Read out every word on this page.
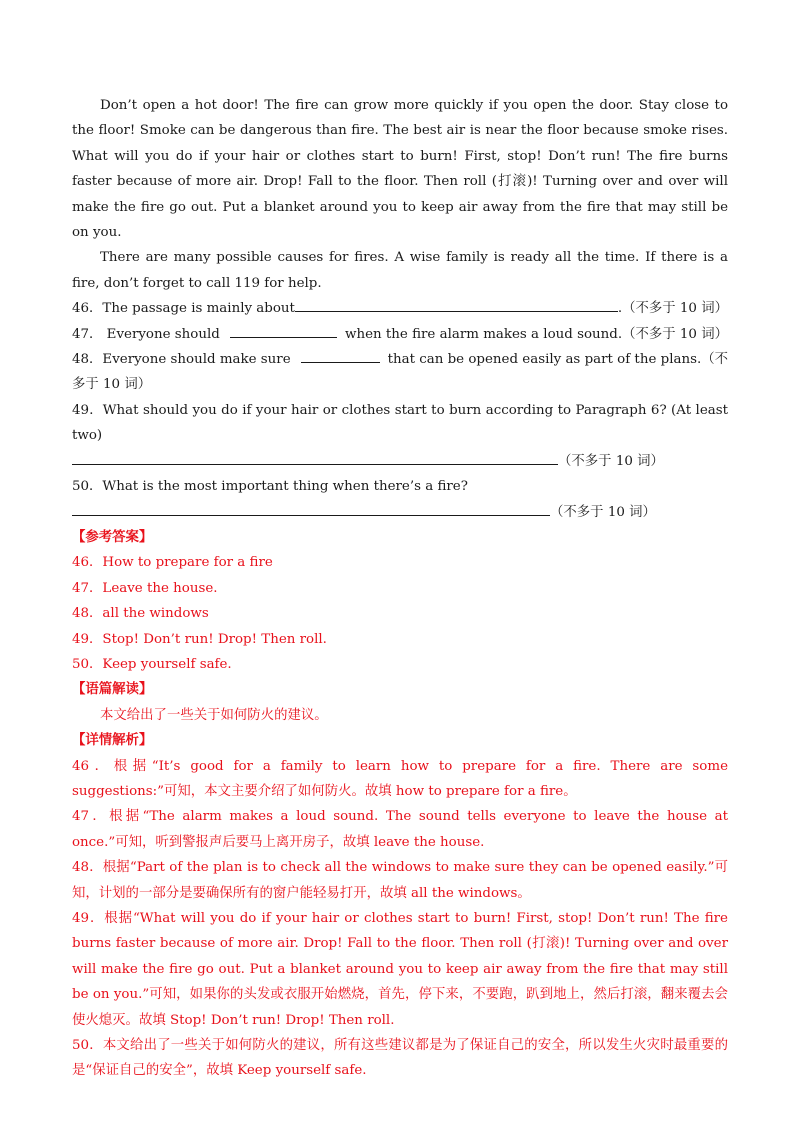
Don’t open a hot door! The fire can grow more quickly if you open the door. Stay close to the floor! Smoke can be dangerous than fire. The best air is near the floor because smoke rises. What will you do if your hair or clothes start to burn! First, stop! Don’t run! The fire burns faster because of more air. Drop! Fall to the floor. Then roll (打滚)! Turning over and over will make the fire go out. Put a blanket around you to keep air away from the fire that may still be on you.

There are many possible causes for fires. A wise family is ready all the time. If there is a fire, don’t forget to call 119 for help.

46．The passage is mainly about	. （不多于 10 词）
47． Everyone should	when the fire alarm makes a loud sound. （不多于 10 词）
48．Everyone should make sure	that can be opened easily as part of the plans. （不

多于 10 词）

49．What should you do if your hair or clothes start to burn according to Paragraph 6? (At least two)

（不多于 10 词）

50．What is the most important thing when there’s a fire?

（不多于 10 词）

【参考答案】

46．How to prepare for a fire

47．Leave the house.

48．all the windows

49．Stop! Don’t run! Drop! Then roll.

50．Keep yourself safe.

【语篇解读】

本文给出了一些关于如何防火的建议。

【详情解析】

46．根据“It’s good for a family to learn how to prepare for a fire. There are some suggestions:”可知，本文主要介绍了如何防火。故填 how to prepare for a fire。

47．根据“The alarm makes a loud sound. The sound tells everyone to leave the house at once.”可知，听到警报声后要马上离开房子，故填 leave the house.

48．根据“Part of the plan is to check all the windows to make sure they can be opened easily.”可知，计划的一部分是要确保所有的窗户能轻易打开，故填 all the windows。

49．根据“What will you do if your hair or clothes start to burn! First, stop! Don’t run! The fire burns faster because of more air. Drop! Fall to the floor. Then roll (打滚)! Turning over and over will make the fire go out. Put a blanket around you to keep air away from the fire that may still be on you.”可知，如果你的头发或衣服开始燃烧，首先，停下来，不要跑，趴到地上，然后打滚，翻来覆去会使火熄灭。故填 Stop! Don’t run! Drop! Then roll.

50．本文给出了一些关于如何防火的建议，所有这些建议都是为了保证自己的安全，所以发生火灾时最重要的是“保证自己的安全”，故填 Keep yourself safe.
